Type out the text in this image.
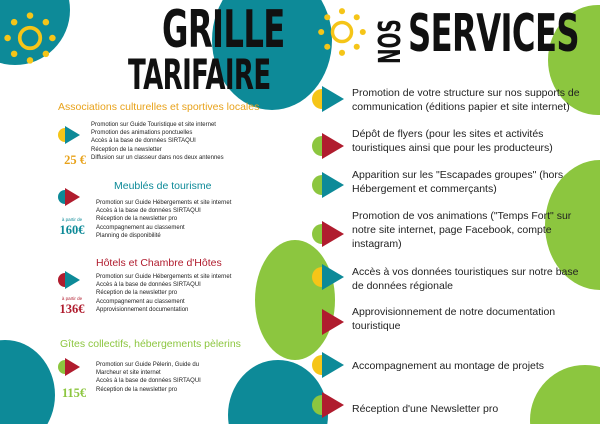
GRILLE
TARIFAIRE
Associations culturelles et sportives locales
25 €
Promotion sur Guide Touristique et site internet
Promotion des animations ponctuelles
Accès à la base de données SIRTAQUI
Réception de la newsletter
Diffusion sur un classeur dans nos deux antennes
Meublés de tourisme
à partir de
160€
Promotion sur Guide Hébergements et site internet
Accès à la base de données SIRTAQUI
Réception de la newsletter pro
Accompagnement au classement
Planning de disponibilité
Hôtels et Chambre d'Hôtes
à partir de
136€
Promotion sur Guide Hébergements et site internet
Accès à la base de données SIRTAQUI
Réception de la newsletter pro
Accompagnement au classement
Approvisionnement documentation
Gîtes collectifs, hébergements pèlerins
115€
Promotion sur Guide Pèlerin, Guide du
Marcheur et site internet
Accès à la base de données SIRTAQUI
Réception de la newsletter pro
NOS SERVICES
Promotion de votre structure sur nos supports de communication (éditions papier et site internet)
Dépôt de flyers (pour les sites et activités touristiques ainsi que pour les producteurs)
Apparition sur les "Escapades groupes" (hors Hébergement et commerçants)
Promotion de vos animations ("Temps Fort" sur notre site internet, page Facebook, compte instagram)
Accès à vos données touristiques sur notre base de données régionale
Approvisionnement de notre documentation touristique
Accompagnement au montage de projets
Réception d'une Newsletter pro
